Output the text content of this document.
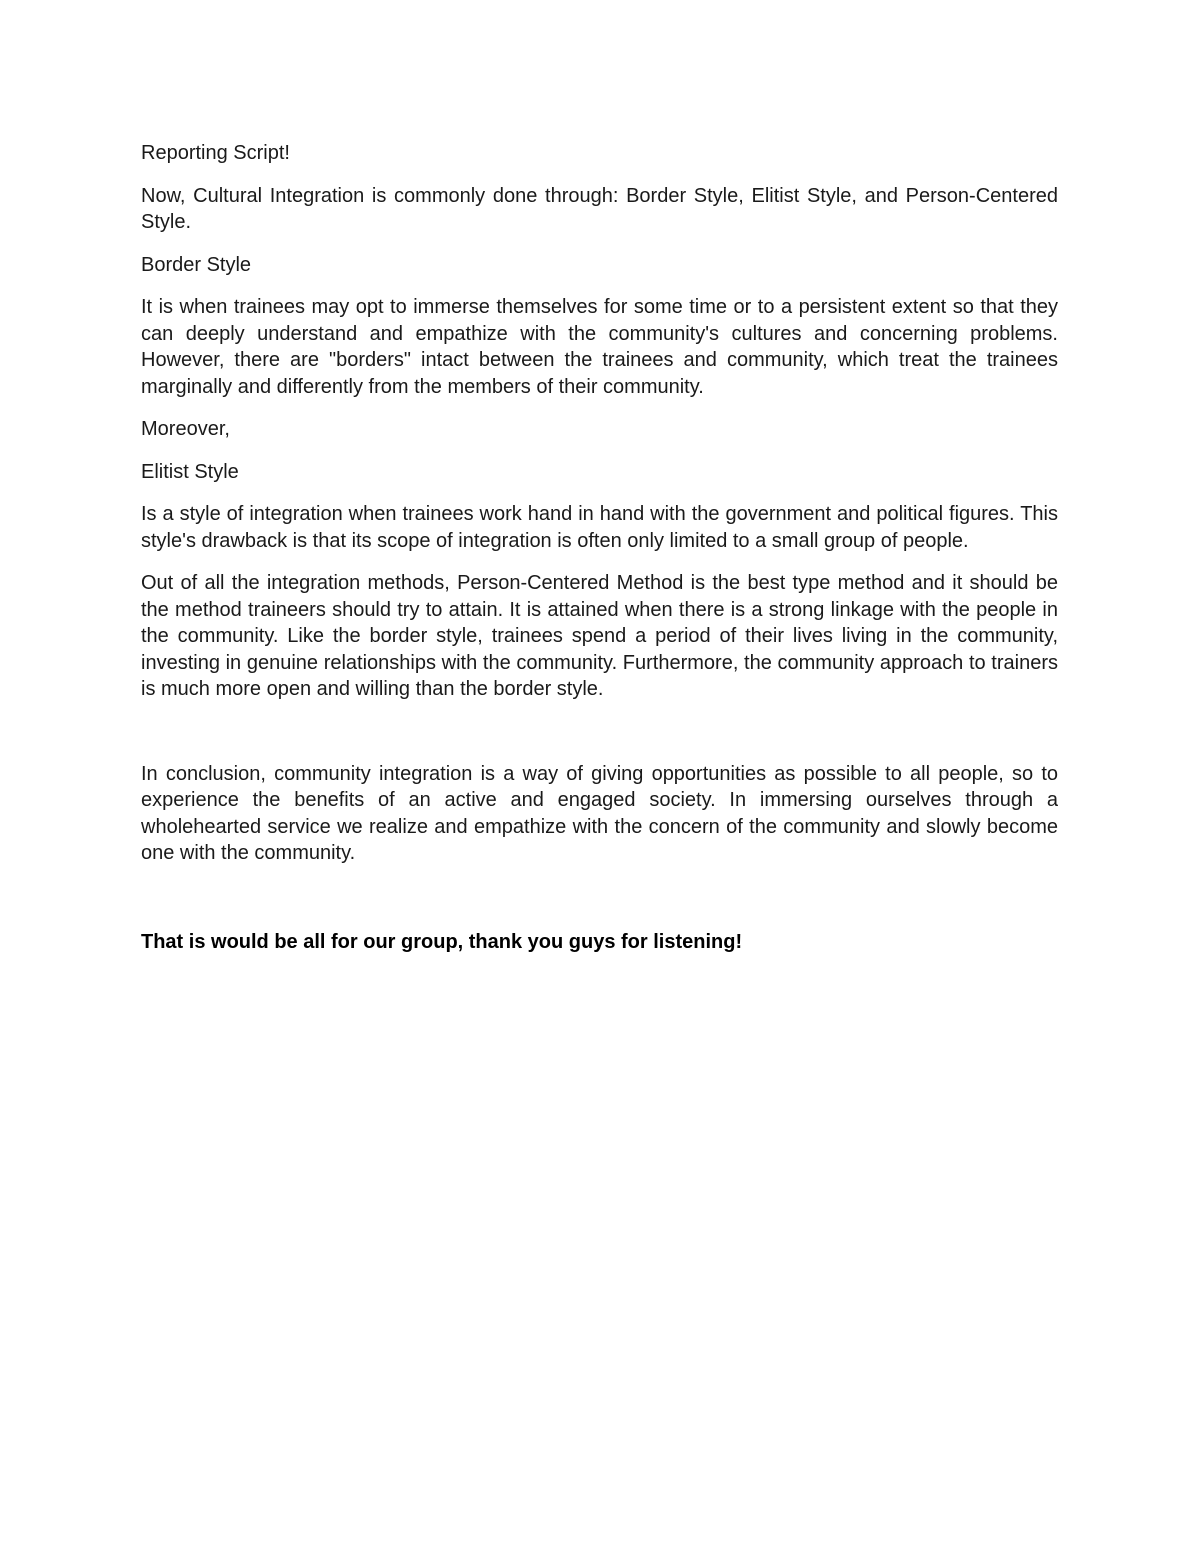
Reporting Script!

Now, Cultural Integration is commonly done through: Border Style, Elitist Style, and Person-Centered Style.

Border Style

It is when trainees may opt to immerse themselves for some time or to a persistent extent so that they can deeply understand and empathize with the community's cultures and concerning problems. However, there are "borders" intact between the trainees and community, which treat the trainees marginally and differently from the members of their community.

Moreover,

Elitist Style

Is a style of integration when trainees work hand in hand with the government and political figures. This style's drawback is that its scope of integration is often only limited to a small group of people.

Out of all the integration methods, Person-Centered Method is the best type method and it should be the method traineers should try to attain. It is attained when there is a strong linkage with the people in the community. Like the border style, trainees spend a period of their lives living in the community, investing in genuine relationships with the community. Furthermore, the community approach to trainers is much more open and willing than the border style.

In conclusion, community integration is a way of giving opportunities as possible to all people, so to experience the benefits of an active and engaged society. In immersing ourselves through a wholehearted service we realize and empathize with the concern of the community and slowly become one with the community.

That is would be all for our group, thank you guys for listening!
